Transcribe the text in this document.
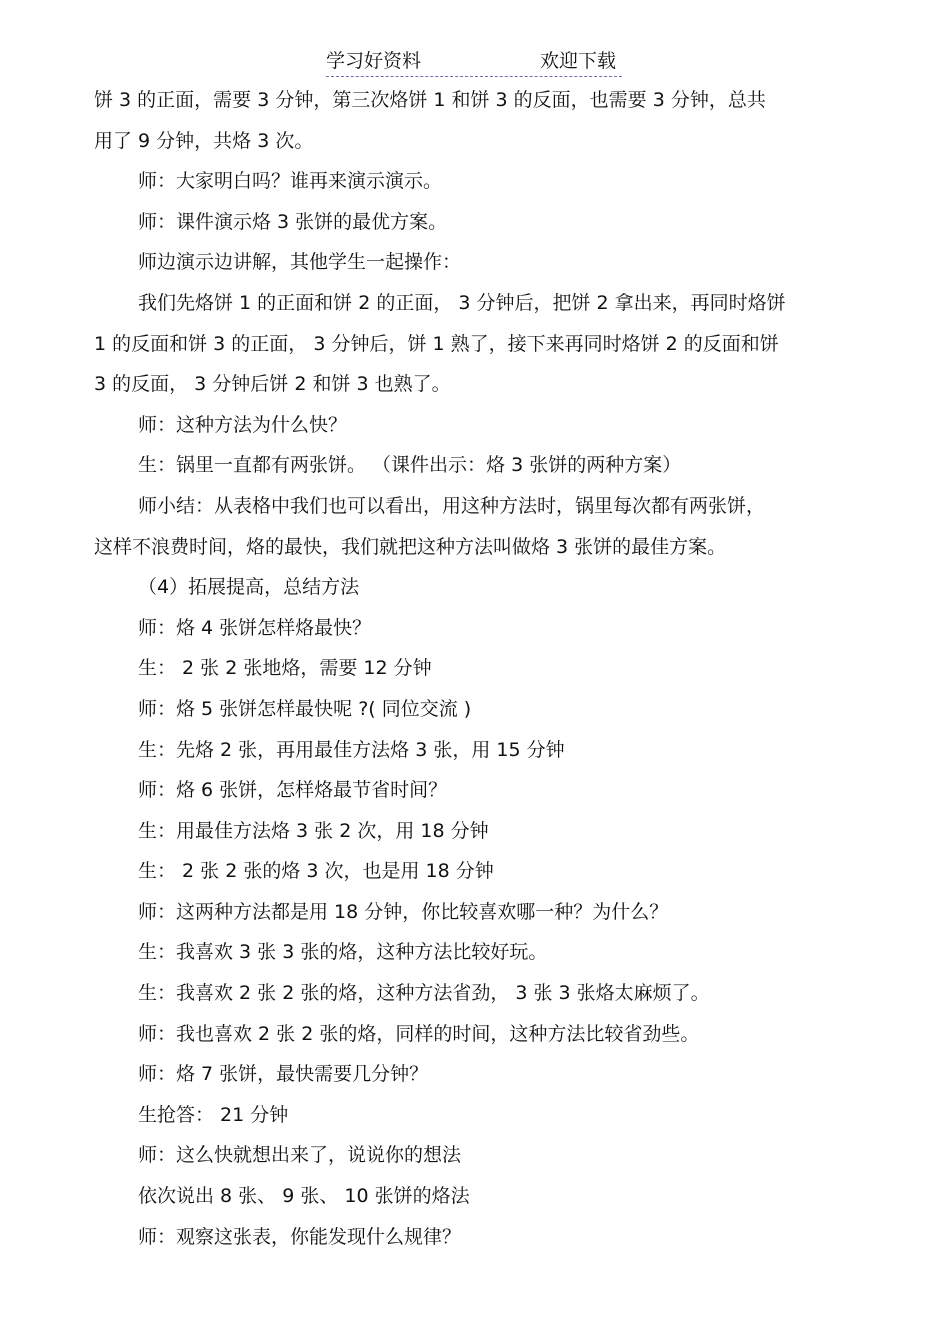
学习好资料	欢迎下载
饼 3 的正面，需要 3 分钟，第三次烙饼 1 和饼 3 的反面，也需要 3 分钟，总共
用了 9 分钟，共烙 3 次。
师：大家明白吗？谁再来演示演示。
师：课件演示烙 3 张饼的最优方案。
师边演示边讲解，其他学生一起操作：
我们先烙饼 1 的正面和饼 2 的正面， 3 分钟后，把饼 2 拿出来，再同时烙饼
1 的反面和饼 3 的正面， 3 分钟后，饼 1 熟了，接下来再同时烙饼 2 的反面和饼
3 的反面， 3 分钟后饼 2 和饼 3 也熟了。
师：这种方法为什么快？
生：锅里一直都有两张饼。 （课件出示：烙 3 张饼的两种方案）
师小结：从表格中我们也可以看出，用这种方法时，锅里每次都有两张饼，
这样不浪费时间，烙的最快，我们就把这种方法叫做烙 3 张饼的最佳方案。
（4）拓展提高，总结方法
师：烙 4 张饼怎样烙最快？
生： 2 张 2 张地烙，需要 12 分钟
师：烙 5 张饼怎样最快呢 ?( 同位交流 )
生：先烙 2 张，再用最佳方法烙 3 张，用 15 分钟
师：烙 6 张饼，怎样烙最节省时间？
生：用最佳方法烙 3 张 2 次，用 18 分钟
生： 2 张 2 张的烙 3 次，也是用 18 分钟
师：这两种方法都是用 18 分钟，你比较喜欢哪一种？为什么？
生：我喜欢 3 张 3 张的烙，这种方法比较好玩。
生：我喜欢 2 张 2 张的烙，这种方法省劲， 3 张 3 张烙太麻烦了。
师：我也喜欢 2 张 2 张的烙，同样的时间，这种方法比较省劲些。
师：烙 7 张饼，最快需要几分钟？
生抢答： 21 分钟
师：这么快就想出来了，说说你的想法
依次说出 8 张、 9 张、 10 张饼的烙法
师：观察这张表，你能发现什么规律？
